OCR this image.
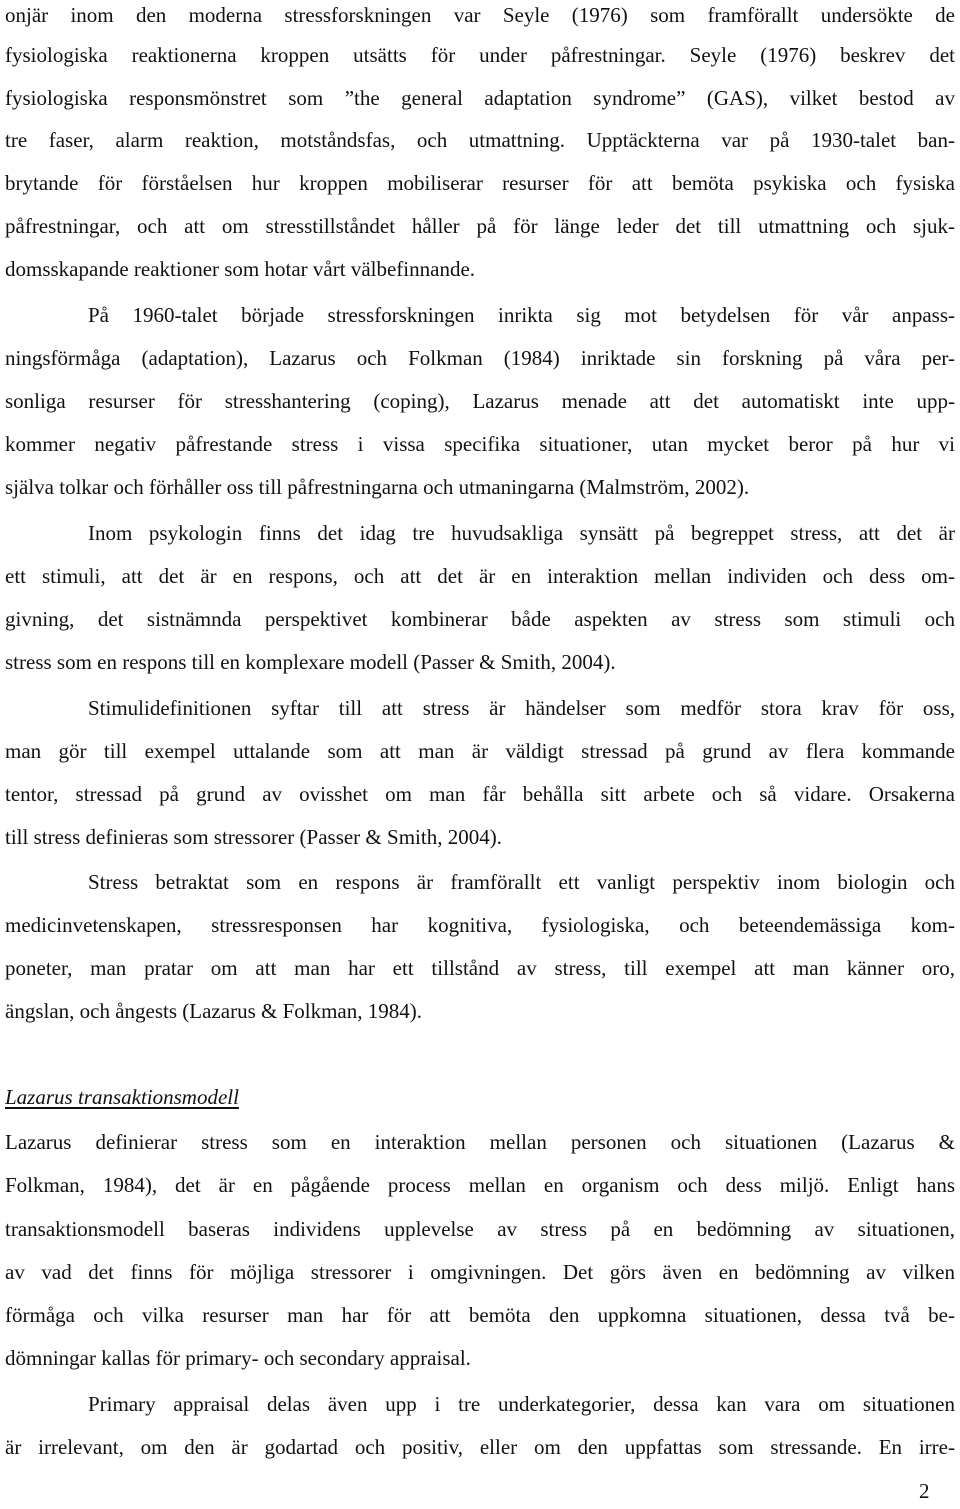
onjär inom den moderna stressforskningen var Seyle (1976) som framförallt undersökte de
fysiologiska reaktionerna kroppen utsätts för under påfrestningar. Seyle (1976) beskrev det
fysiologiska responsmönstret som ”the general adaptation syndrome” (GAS), vilket bestod av
tre faser, alarm reaktion, motståndsfas, och utmattning. Upptäckterna var på 1930-talet ban-
brytande för förståelsen hur kroppen mobiliserar resurser för att bemöta psykiska och fysiska
påfrestningar, och att om stresstillståndet håller på för länge leder det till utmattning och sjuk-
domsskapande reaktioner som hotar vårt välbefinnande.
På 1960-talet började stressforskningen inrikta sig mot betydelsen för vår anpass-
ningsförmåga (adaptation), Lazarus och Folkman (1984) inriktade sin forskning på våra per-
sonliga resurser för stresshantering (coping), Lazarus menade att det automatiskt inte upp-
kommer negativ påfrestande stress i vissa specifika situationer, utan mycket beror på hur vi
själva tolkar och förhåller oss till påfrestningarna och utmaningarna (Malmström, 2002).
Inom psykologin finns det idag tre huvudsakliga synsätt på begreppet stress, att det är
ett stimuli, att det är en respons, och att det är en interaktion mellan individen och dess om-
givning, det sistnämnda perspektivet kombinerar både aspekten av stress som stimuli och
stress som en respons till en komplexare modell (Passer & Smith, 2004).
Stimulidefinitionen syftar till att stress är händelser som medför stora krav för oss,
man gör till exempel uttalande som att man är väldigt stressad på grund av flera kommande
tentor, stressad på grund av ovisshet om man får behålla sitt arbete och så vidare. Orsakerna
till stress definieras som stressorer (Passer & Smith, 2004).
Stress betraktat som en respons är framförallt ett vanligt perspektiv inom biologin och
medicinvetenskapen, stressresponsen har kognitiva, fysiologiska, och beteendemässiga kom-
poneter, man pratar om att man har ett tillstånd av stress, till exempel att man känner oro,
ängslan, och ångests (Lazarus & Folkman, 1984).
Lazarus transaktionsmodell
Lazarus definierar stress som en interaktion mellan personen och situationen (Lazarus &
Folkman, 1984), det är en pågående process mellan en organism och dess miljö. Enligt hans
transaktionsmodell baseras individens upplevelse av stress på en bedömning av situationen,
av vad det finns för möjliga stressorer i omgivningen. Det görs även en bedömning av vilken
förmåga och vilka resurser man har för att bemöta den uppkomna situationen, dessa två be-
dömningar kallas för primary- och secondary appraisal.
Primary appraisal delas även upp i tre underkategorier, dessa kan vara om situationen
är irrelevant, om den är godartad och positiv, eller om den uppfattas som stressande. En irre-
2
